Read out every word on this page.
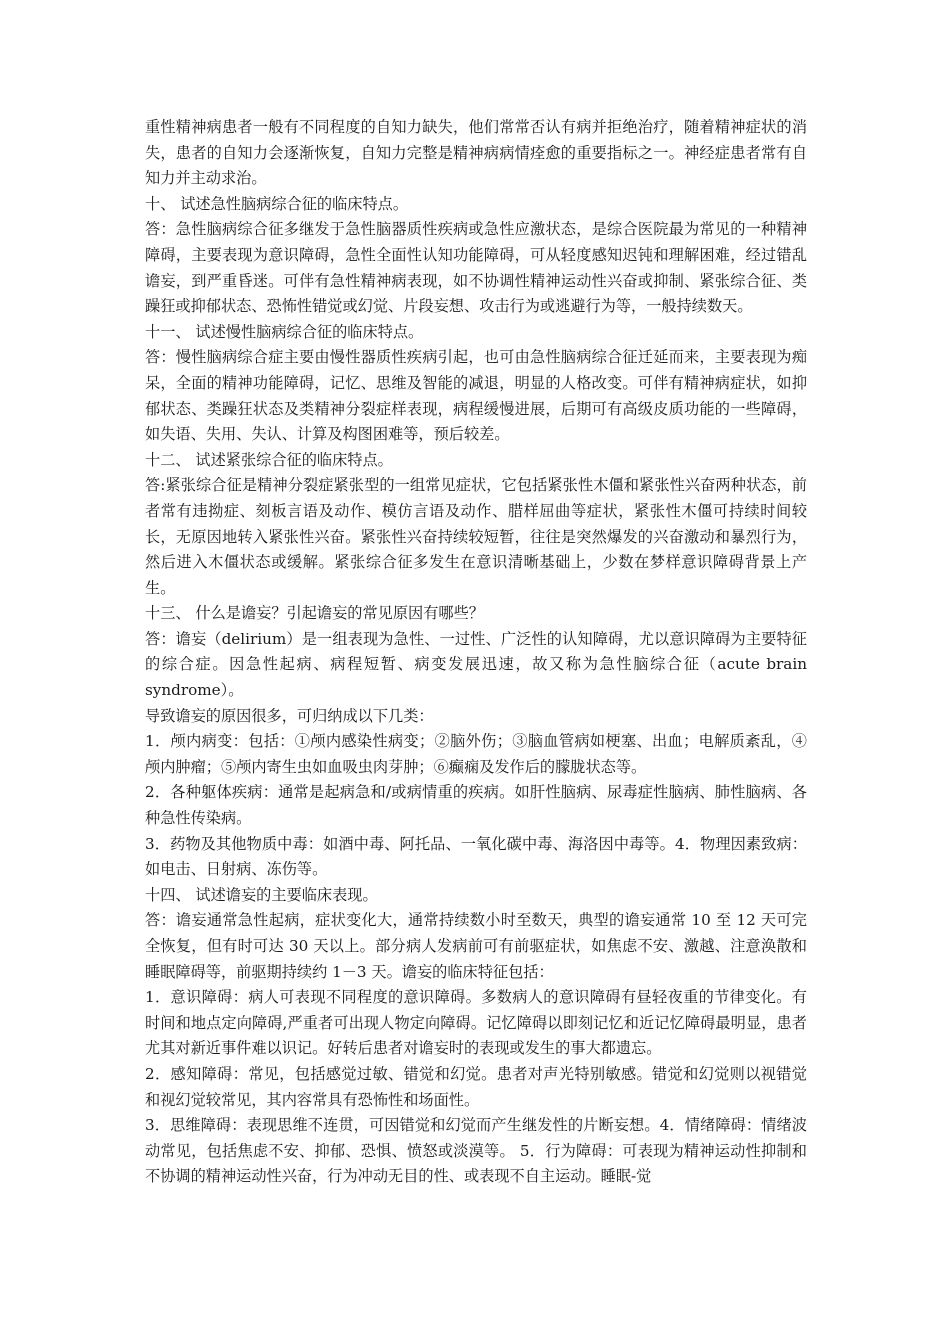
重性精神病患者一般有不同程度的自知力缺失，他们常常否认有病并拒绝治疗，随着精神症状的消失，患者的自知力会逐渐恢复，自知力完整是精神病病情痊愈的重要指标之一。神经症患者常有自知力并主动求治。

十、 试述急性脑病综合征的临床特点。

答：急性脑病综合征多继发于急性脑器质性疾病或急性应激状态，是综合医院最为常见的一种精神障碍，主要表现为意识障碍，急性全面性认知功能障碍，可从轻度感知迟钝和理解困难，经过错乱谵妄，到严重昏迷。可伴有急性精神病表现，如不协调性精神运动性兴奋或抑制、紧张综合征、类躁狂或抑郁状态、恐怖性错觉或幻觉、片段妄想、攻击行为或逃避行为等，一般持续数天。

十一、 试述慢性脑病综合征的临床特点。

答：慢性脑病综合症主要由慢性器质性疾病引起，也可由急性脑病综合征迁延而来，主要表现为痴呆，全面的精神功能障碍，记忆、思维及智能的减退，明显的人格改变。可伴有精神病症状，如抑郁状态、类躁狂状态及类精神分裂症样表现，病程缓慢进展，后期可有高级皮质功能的一些障碍，如失语、失用、失认、计算及构图困难等，预后较差。

十二、 试述紧张综合征的临床特点。

答:紧张综合征是精神分裂症紧张型的一组常见症状，它包括紧张性木僵和紧张性兴奋两种状态，前者常有违拗症、刻板言语及动作、模仿言语及动作、腊样屈曲等症状，紧张性木僵可持续时间较长，无原因地转入紧张性兴奋。紧张性兴奋持续较短暂，往往是突然爆发的兴奋激动和暴烈行为，然后进入木僵状态或缓解。紧张综合征多发生在意识清晰基础上，少数在梦样意识障碍背景上产生。

十三、 什么是谵妄？引起谵妄的常见原因有哪些？

答：谵妄（delirium）是一组表现为急性、一过性、广泛性的认知障碍，尤以意识障碍为主要特征的综合症。因急性起病、病程短暂、病变发展迅速，故又称为急性脑综合征（acute brain syndrome）。

导致谵妄的原因很多，可归纳成以下几类：

1．颅内病变：包括：①颅内感染性病变；②脑外伤；③脑血管病如梗塞、出血；电解质紊乱，④颅内肿瘤；⑤颅内寄生虫如血吸虫肉芽肿；⑥癫痫及发作后的朦胧状态等。

2．各种躯体疾病：通常是起病急和/或病情重的疾病。如肝性脑病、尿毒症性脑病、肺性脑病、各种急性传染病。

3．药物及其他物质中毒：如酒中毒、阿托品、一氧化碳中毒、海洛因中毒等。4．物理因素致病：如电击、日射病、冻伤等。

十四、 试述谵妄的主要临床表现。

答：谵妄通常急性起病，症状变化大，通常持续数小时至数天，典型的谵妄通常 10 至 12 天可完全恢复，但有时可达 30 天以上。部分病人发病前可有前驱症状，如焦虑不安、激越、注意涣散和睡眠障碍等，前驱期持续约 1－3 天。谵妄的临床特征包括：

1．意识障碍：病人可表现不同程度的意识障碍。多数病人的意识障碍有昼轻夜重的节律变化。有时间和地点定向障碍,严重者可出现人物定向障碍。记忆障碍以即刻记忆和近记忆障碍最明显，患者尤其对新近事件难以识记。好转后患者对谵妄时的表现或发生的事大都遗忘。

2．感知障碍：常见，包括感觉过敏、错觉和幻觉。患者对声光特别敏感。错觉和幻觉则以视错觉和视幻觉较常见，其内容常具有恐怖性和场面性。

3．思维障碍：表现思维不连贯，可因错觉和幻觉而产生继发性的片断妄想。4．情绪障碍：情绪波动常见，包括焦虑不安、抑郁、恐惧、愤怒或淡漠等。 5．行为障碍：可表现为精神运动性抑制和不协调的精神运动性兴奋，行为冲动无目的性、或表现不自主运动。睡眠-觉
